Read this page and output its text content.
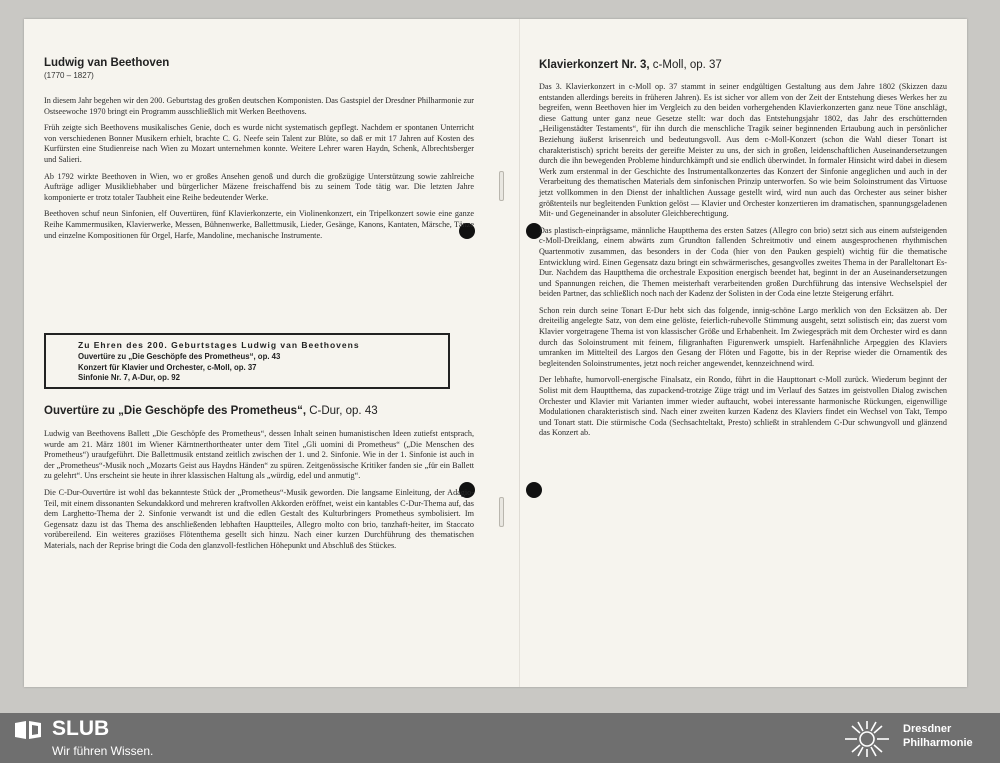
Ludwig van Beethoven

(1770 – 1827)

In diesem Jahr begehen wir den 200. Geburtstag des großen deutschen Komponisten. Das Gastspiel der Dresdner Philharmonie zur Ostseewoche 1970 bringt ein Programm ausschließlich mit Werken Beethovens.

Früh zeigte sich Beethovens musikalisches Genie, doch es wurde nicht systematisch gepflegt. Nachdem er spontanen Unterricht von verschiedenen Bonner Musikern erhielt, brachte C. G. Neefe sein Talent zur Blüte, so daß er mit 17 Jahren auf Kosten des Kurfürsten eine Studienreise nach Wien zu Mozart unternehmen konnte. Weitere Lehrer waren Haydn, Schenk, Albrechtsberger und Salieri.

Ab 1792 wirkte Beethoven in Wien, wo er großes Ansehen genoß und durch die großzügige Unterstützung sowie zahlreiche Aufträge adliger Musikliebhaber und bürgerlicher Mäzene freischaffend bis zu seinem Tode tätig war. Die letzten Jahre komponierte er trotz totaler Taubheit eine Reihe bedeutender Werke.

Beethoven schuf neun Sinfonien, elf Ouvertüren, fünf Klavierkonzerte, ein Violinenkonzert, ein Tripelkonzert sowie eine ganze Reihe Kammermusiken, Klavierwerke, Messen, Bühnenwerke, Ballettmusik, Lieder, Gesänge, Kanons, Kantaten, Märsche, Tänze und einzelne Kompositionen für Orgel, Harfe, Mandoline, mechanische Instrumente.

Zu Ehren des 200. Geburtstages Ludwig van Beethovens

Ouvertüre zu „Die Geschöpfe des Prometheus“, op. 43

Konzert für Klavier und Orchester, c-Moll, op. 37

Sinfonie Nr. 7, A-Dur, op. 92

Ouvertüre zu „Die Geschöpfe des Prometheus“, C-Dur, op. 43

Ludwig van Beethovens Ballett „Die Geschöpfe des Prometheus“, dessen Inhalt seinen humanistischen Ideen zutiefst entsprach, wurde am 21. März 1801 im Wiener Kärntnerthortheater unter dem Titel „Gli uomini di Prometheus“ („Die Menschen des Prometheus“) uraufgeführt. Die Ballettmusik entstand zeitlich zwischen der 1. und 2. Sinfonie. Wie in der 1. Sinfonie ist auch in der „Prometheus“-Musik noch „Mozarts Geist aus Haydns Händen“ zu spüren. Zeitgenössische Kritiker fanden sie „für ein Ballett zu gelehrt“. Uns erscheint sie heute in ihrer klassischen Haltung als „würdig, edel und anmutig“.

Die C-Dur-Ouvertüre ist wohl das bekannteste Stück der „Prometheus“-Musik geworden. Die langsame Einleitung, der Adagio-Teil, mit einem dissonanten Sekundakkord und mehreren kraftvollen Akkorden eröffnet, weist ein kantables C-Dur-Thema auf, das dem Larghetto-Thema der 2. Sinfonie verwandt ist und die edlen Gestalt des Kulturbringers Prometheus symbolisiert. Im Gegensatz dazu ist das Thema des anschließenden lebhaften Hauptteiles, Allegro molto con brio, tanzhaft-heiter, im Staccato vorübereilend. Ein weiteres graziöses Flötenthema gesellt sich hinzu. Nach einer kurzen Durchführung des thematischen Materials, nach der Reprise bringt die Coda den glanzvoll-festlichen Höhepunkt und Abschluß des Stückes.

Klavierkonzert Nr. 3, c-Moll, op. 37

Das 3. Klavierkonzert in c-Moll op. 37 stammt in seiner endgültigen Gestaltung aus dem Jahre 1802 (Skizzen dazu entstanden allerdings bereits in früheren Jahren). Es ist sicher vor allem von der Zeit der Entstehung dieses Werkes her zu begreifen, wenn Beethoven hier im Vergleich zu den beiden vorhergehenden Klavierkonzerten ganz neue Töne anschlägt, diese Gattung unter ganz neue Gesetze stellt: war doch das Entstehungsjahr 1802, das Jahr des erschütternden „Heiligenstädter Testaments“, für ihn durch die menschliche Tragik seiner beginnenden Ertaubung auch in persönlicher Beziehung äußerst krisenreich und bedeutungsvoll. Aus dem c-Moll-Konzert (schon die Wahl dieser Tonart ist charakteristisch) spricht bereits der gereifte Meister zu uns, der sich in großen, leidenschaftlichen Auseinandersetzungen durch die ihn bewegenden Probleme hindurchkämpft und sie endlich überwindet. In formaler Hinsicht wird dabei in diesem Werk zum erstenmal in der Geschichte des Instrumentalkonzertes das Konzert der Sinfonie angeglichen und auch in der Verarbeitung des thematischen Materials dem sinfonischen Prinzip unterworfen. So wie beim Soloinstrument das Virtuose jetzt vollkommen in den Dienst der inhaltlichen Aussage gestellt wird, wird nun auch das Orchester aus seiner bisher größtenteils nur begleitenden Funktion gelöst — Klavier und Orchester konzertieren im dramatischen, spannungsgeladenen Mit- und Gegeneinander in absoluter Gleichberechtigung.

Das plastisch-einprägsame, männliche Hauptthema des ersten Satzes (Allegro con brio) setzt sich aus einem aufsteigenden c-Moll-Dreiklang, einem abwärts zum Grundton fallenden Schreitmotiv und einem ausgesprochenen rhythmischen Quartenmotiv zusammen, das besonders in der Coda (hier von den Pauken gespielt) wichtig für die thematische Entwicklung wird. Einen Gegensatz dazu bringt ein schwärmerisches, gesangvolles zweites Thema in der Paralleltonart Es-Dur. Nachdem das Hauptthema die orchestrale Exposition energisch beendet hat, beginnt in der an Auseinandersetzungen und Spannungen reichen, die Themen meisterhaft verarbeitenden großen Durchführung das intensive Wechselspiel der beiden Partner, das schließlich noch nach der Kadenz der Solisten in der Coda eine letzte Steigerung erfährt.

Schon rein durch seine Tonart E-Dur hebt sich das folgende, innig-schöne Largo merklich von den Ecksätzen ab. Der dreiteilig angelegte Satz, von dem eine gelöste, feierlich-ruhevolle Stimmung ausgeht, setzt solistisch ein; das zuerst vom Klavier vorgetragene Thema ist von klassischer Größe und Erhabenheit. Im Zwiegespräch mit dem Orchester wird es dann durch das Soloinstrument mit feinem, filigranhaften Figurenwerk umspielt. Harfenähnliche Arpeggien des Klaviers umranken im Mittelteil des Largos den Gesang der Flöten und Fagotte, bis in der Reprise wieder die Ornamentik des begleitenden Soloinstrumentes, jetzt noch reicher angewendet, kennzeichnend wird.

Der lebhafte, humorvoll-energische Finalsatz, ein Rondo, führt in die Haupttonart c-Moll zurück. Wiederum beginnt der Solist mit dem Hauptthema, das zupackend-trotzige Züge trägt und im Verlauf des Satzes im geistvollen Dialog zwischen Orchester und Klavier mit Varianten immer wieder auftaucht, wobei interessante harmonische Rückungen, eigenwillige Modulationen charakteristisch sind. Nach einer zweiten kurzen Kadenz des Klaviers findet ein Wechsel von Takt, Tempo und Tonart statt. Die stürmische Coda (Sechsachteltakt, Presto) schließt in strahlendem C-Dur schwungvoll und glänzend das Konzert ab.

SLUB
Wir führen Wissen.
Dresdner
Philharmonie
